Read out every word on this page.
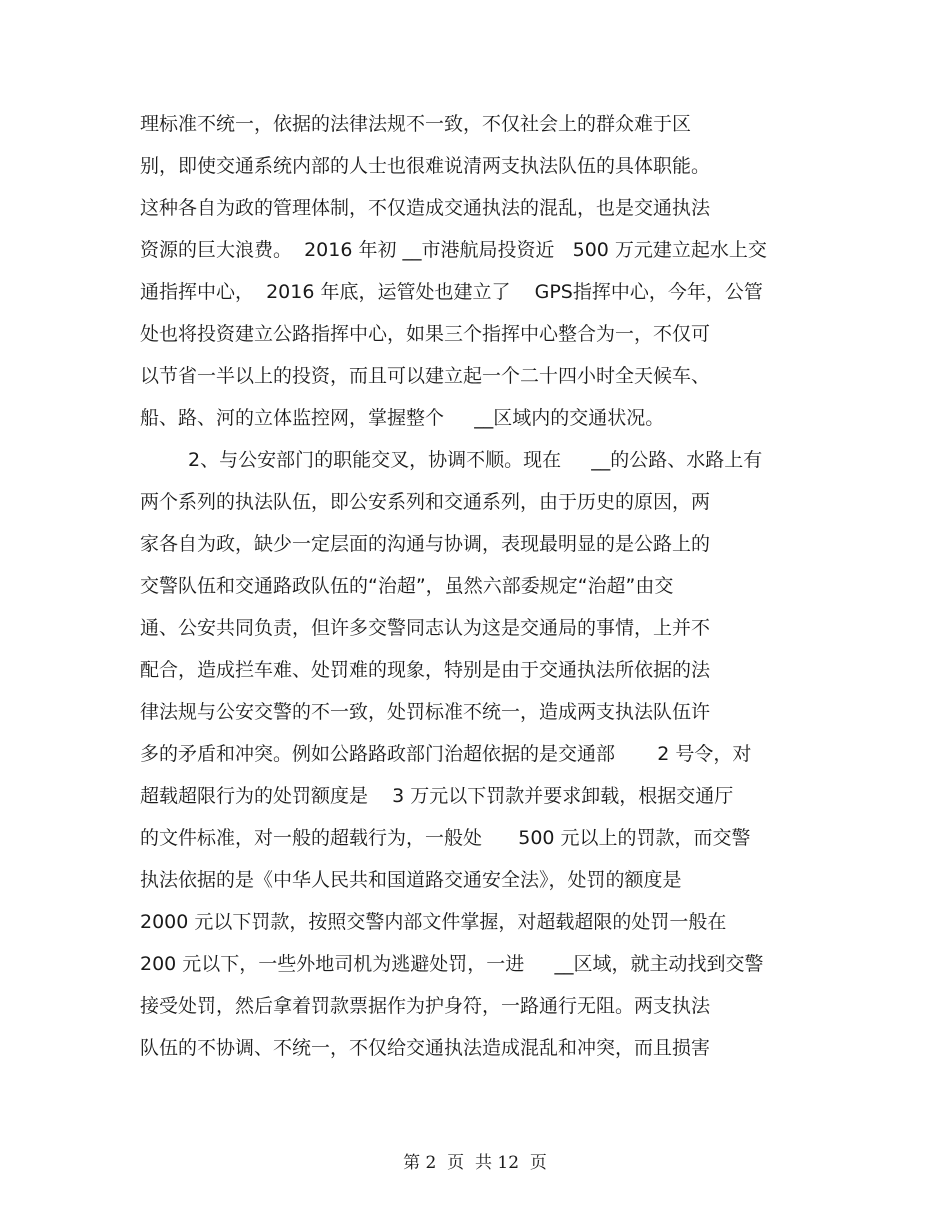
理标准不统一，依据的法律法规不一致，不仅社会上的群众难于区
别，即使交通系统内部的人士也很难说清两支执法队伍的具体职能。
这种各自为政的管理体制，不仅造成交通执法的混乱，也是交通执法
资源的巨大浪费。  2016 年初 __市港航局投资近   500 万元建立起水上交
通指挥中心，  2016 年底，运管处也建立了    GPS指挥中心，今年，公管
处也将投资建立公路指挥中心，如果三个指挥中心整合为一，不仅可
以节省一半以上的投资，而且可以建立起一个二十四小时全天候车、
船、路、河的立体监控网，掌握整个     __区域内的交通状况。
2、与公安部门的职能交叉，协调不顺。现在     __的公路、水路上有
两个系列的执法队伍，即公安系列和交通系列，由于历史的原因，两
家各自为政，缺少一定层面的沟通与协调，表现最明显的是公路上的
交警队伍和交通路政队伍的“治超”，虽然六部委规定“治超”由交
通、公安共同负责，但许多交警同志认为这是交通局的事情，上并不
配合，造成拦车难、处罚难的现象，特别是由于交通执法所依据的法
律法规与公安交警的不一致，处罚标准不统一，造成两支执法队伍许
多的矛盾和冲突。例如公路路政部门治超依据的是交通部       2 号令，对
超载超限行为的处罚额度是    3 万元以下罚款并要求卸载，根据交通厅
的文件标准，对一般的超载行为，一般处      500 元以上的罚款，而交警
执法依据的是《中华人民共和国道路交通安全法》，处罚的额度是
2000 元以下罚款，按照交警内部文件掌握，对超载超限的处罚一般在
200 元以下，一些外地司机为逃避处罚，一进     __区域，就主动找到交警
接受处罚，然后拿着罚款票据作为护身符，一路通行无阻。两支执法
队伍的不协调、不统一，不仅给交通执法造成混乱和冲突，而且损害
第 2  页  共 12  页
